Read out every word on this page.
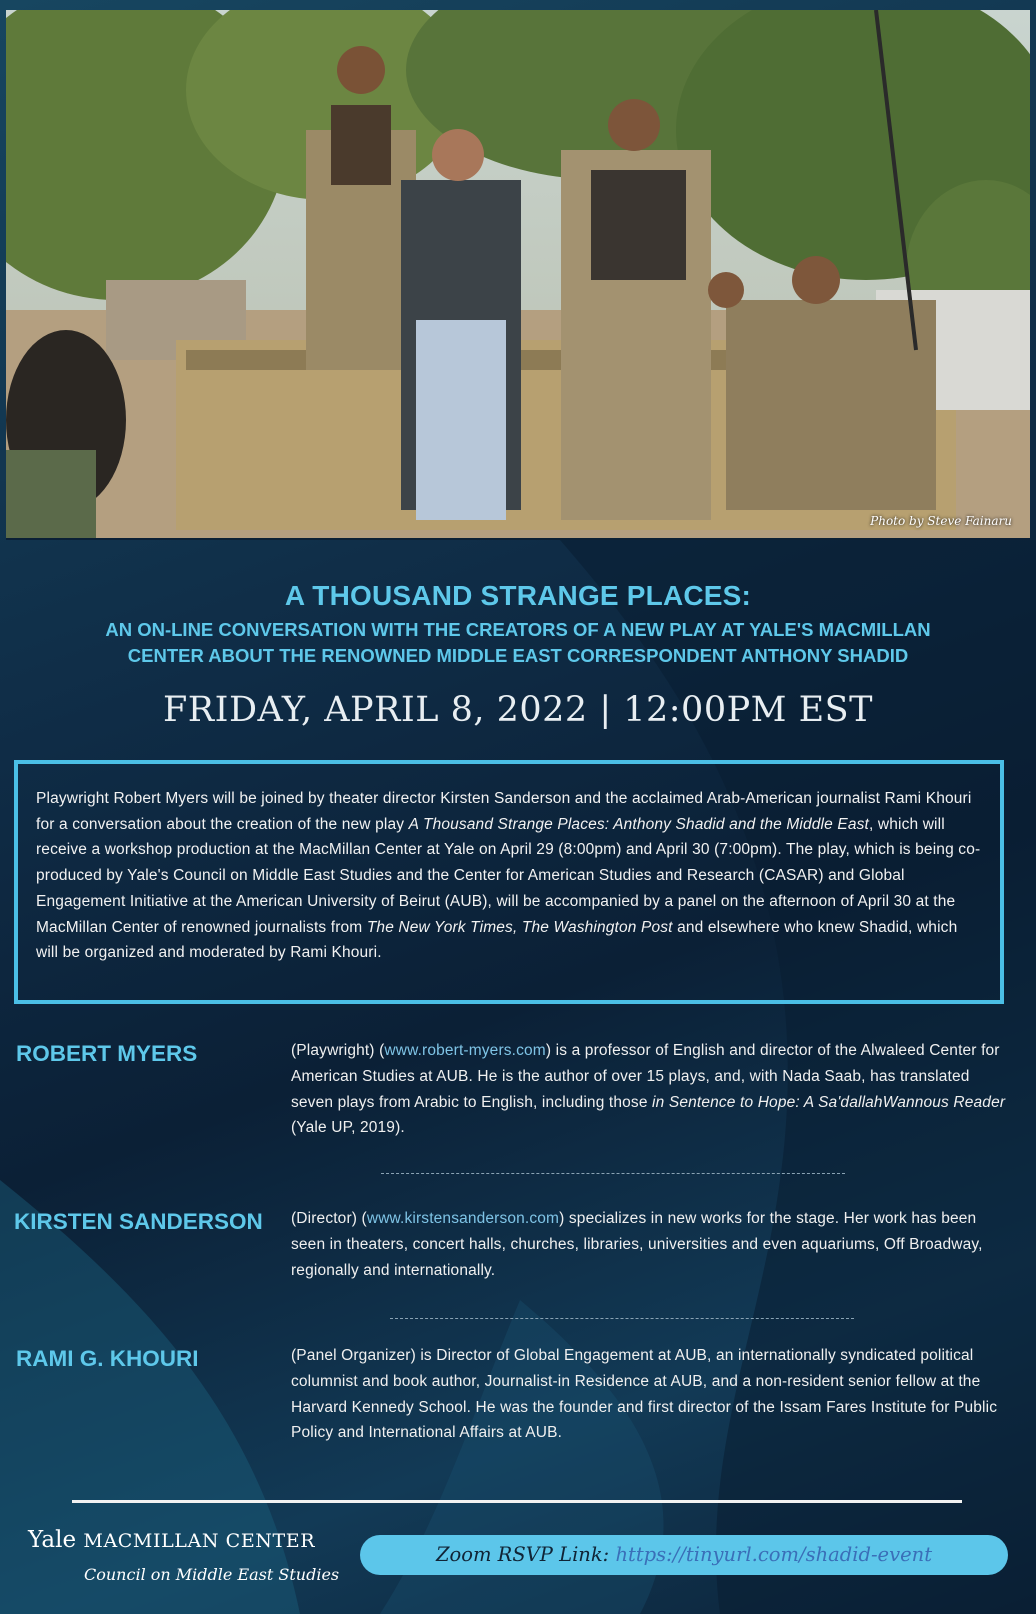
Photo by Steve Fainaru
A THOUSAND STRANGE PLACES:
AN ON-LINE CONVERSATION WITH THE CREATORS OF A NEW PLAY AT YALE'S MACMILLAN
CENTER ABOUT THE RENOWNED MIDDLE EAST CORRESPONDENT ANTHONY SHADID
FRIDAY, APRIL 8, 2022 | 12:00PM EST
Playwright Robert Myers will be joined by theater director Kirsten Sanderson and the acclaimed Arab-American journalist Rami Khouri for a conversation about the creation of the new play A Thousand Strange Places: Anthony Shadid and the Middle East, which will receive a workshop production at the MacMillan Center at Yale on April 29 (8:00pm) and April 30 (7:00pm). The play, which is being co-produced by Yale's Council on Middle East Studies and the Center for American Studies and Research (CASAR) and Global Engagement Initiative at the American University of Beirut (AUB), will be accompanied by a panel on the afternoon of April 30 at the MacMillan Center of renowned journalists from The New York Times, The Washington Post and elsewhere who knew Shadid, which will be organized and moderated by Rami Khouri.
ROBERT MYERS	(Playwright) (www.robert-myers.com) is a professor of English and director of the Alwaleed Center for American Studies at AUB. He is the author of over 15 plays, and, with Nada Saab, has translated seven plays from Arabic to English, including those in Sentence to Hope: A Sa'dallahWannous Reader (Yale UP, 2019).
KIRSTEN SANDERSON (Director) (www.kirstensanderson.com) specializes in new works for the stage. Her work has been seen in theaters, concert halls, churches, libraries, universities and even aquariums, Off Broadway, regionally and internationally.
RAMI G. KHOURI	(Panel Organizer) is Director of Global Engagement at AUB, an internationally syndicated political columnist and book author, Journalist-in Residence at AUB, and a non-resident senior fellow at the Harvard Kennedy School. He was the founder and first director of the Issam Fares Institute for Public Policy and International Affairs at AUB.
Yale MACMILLAN CENTER
Council on Middle East Studies
Zoom RSVP Link: https://tinyurl.com/shadid-event
